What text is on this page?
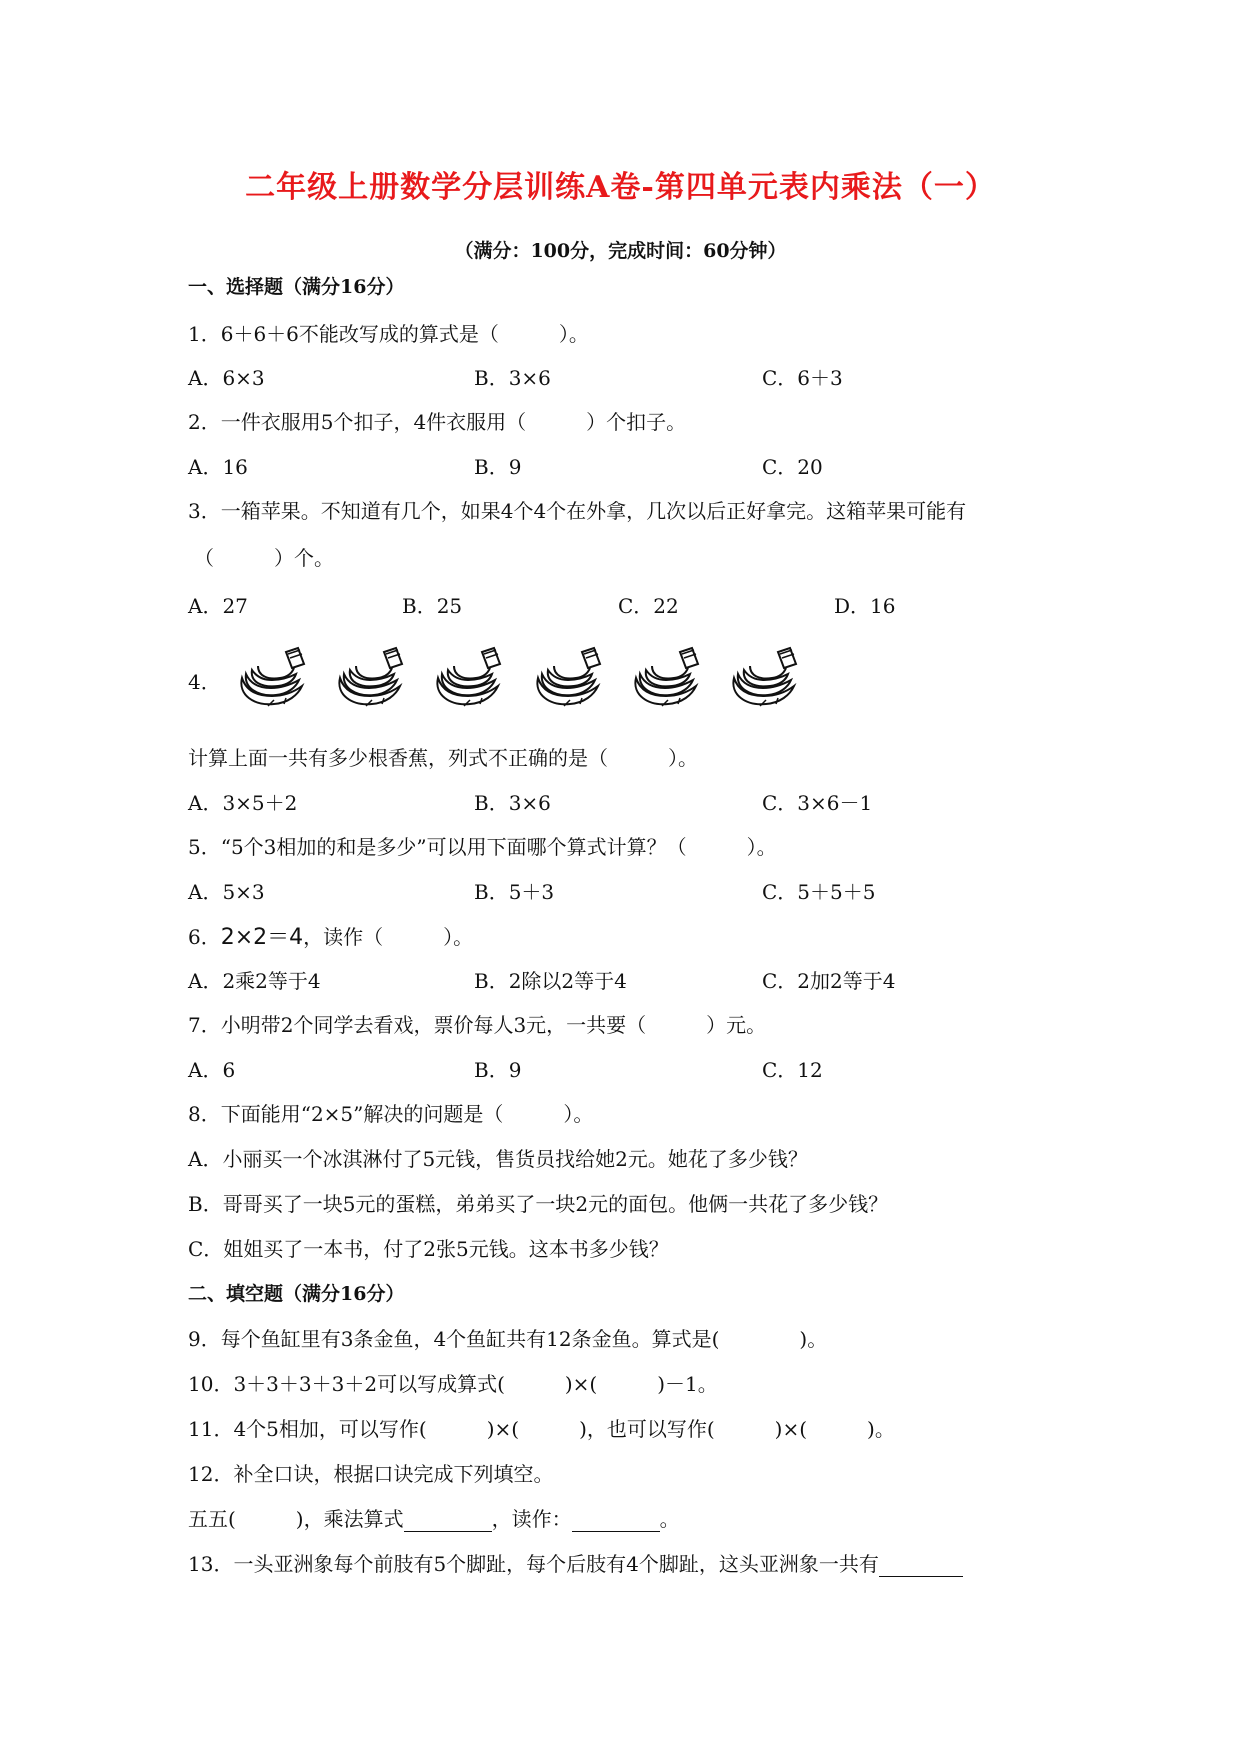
二年级上册数学分层训练A卷-第四单元表内乘法（一）
（满分：100分，完成时间：60分钟）
一、选择题（满分16分）
1．6＋6＋6不能改写成的算式是（　　　）。
A．6×3	B．3×6	C．6＋3
2．一件衣服用5个扣子，4件衣服用（　　　）个扣子。
A．16	B．9	C．20
3．一箱苹果。不知道有几个，如果4个4个在外拿，几次以后正好拿完。这箱苹果可能有
（　　　）个。
A．27	B．25	C．22	D．16
4．
计算上面一共有多少根香蕉，列式不正确的是（　　　）。
A．3×5＋2	B．3×6	C．3×6－1
5．“5个3相加的和是多少”可以用下面哪个算式计算？（　　　）。
A．5×3	B．5＋3	C．5＋5＋5
6．2×2＝4，读作（　　　）。
A．2乘2等于4	B．2除以2等于4	C．2加2等于4
7．小明带2个同学去看戏，票价每人3元，一共要（　　　）元。
A．6	B．9	C．12
8．下面能用“2×5”解决的问题是（　　　）。
A．小丽买一个冰淇淋付了5元钱，售货员找给她2元。她花了多少钱？
B．哥哥买了一块5元的蛋糕，弟弟买了一块2元的面包。他俩一共花了多少钱？
C．姐姐买了一本书，付了2张5元钱。这本书多少钱？
二、填空题（满分16分）
9．每个鱼缸里有3条金鱼，4个鱼缸共有12条金鱼。算式是(　　　　)。
10．3＋3＋3＋3＋2可以写成算式(　　　)×(　　　)－1。
11．4个5相加，可以写作(　　　)×(　　　)，也可以写作(　　　)×(　　　)。
12．补全口诀，根据口诀完成下列填空。
五五(　　　)，乘法算式	，读作：	。
13．一头亚洲象每个前肢有5个脚趾，每个后肢有4个脚趾，这头亚洲象一共有
